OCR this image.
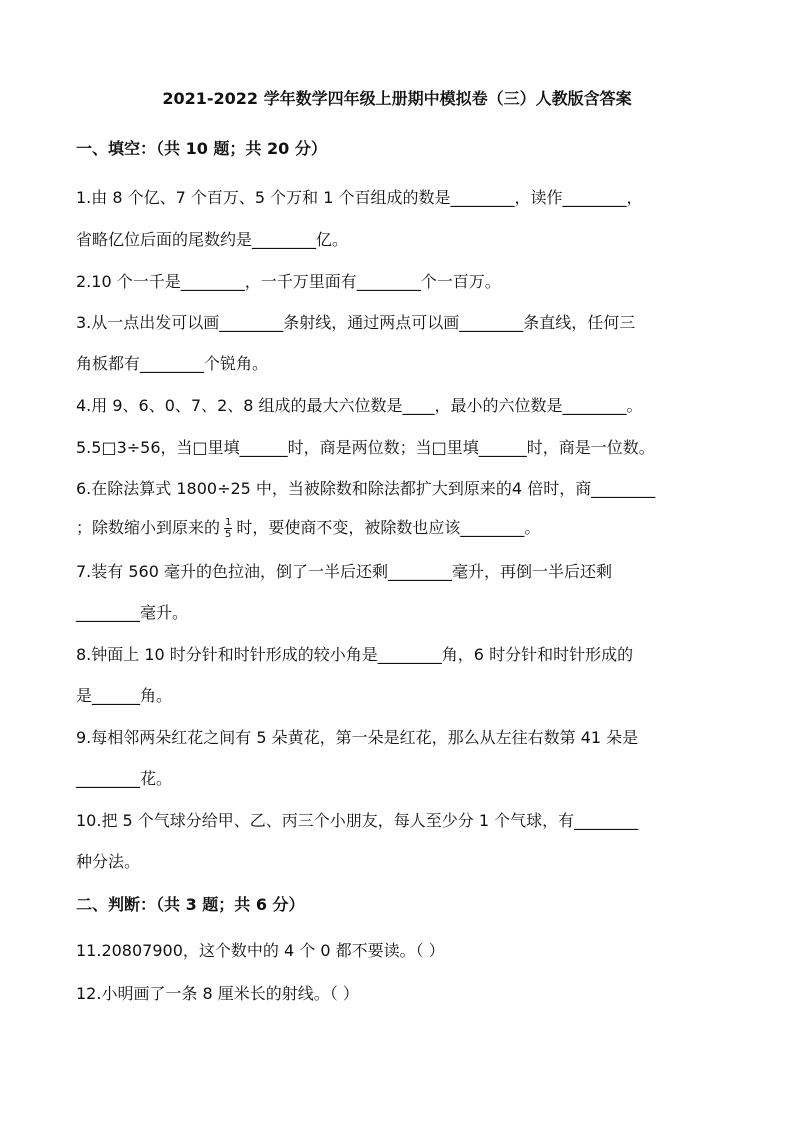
2021-2022 学年数学四年级上册期中模拟卷（三）人教版含答案
一、填空：（共 10 题；共 20 分）
1.由 8 个亿、7 个百万、5 个万和 1 个百组成的数是________，读作________，
省略亿位后面的尾数约是________亿。
2.10 个一千是________，一千万里面有________个一百万。
3.从一点出发可以画________条射线，通过两点可以画________条直线，任何三
角板都有________个锐角。
4.用 9、6、0、7、2、8 组成的最大六位数是____，最小的六位数是________。
5.5□3÷56，当□里填______时，商是两位数；当□里填______时，商是一位数。
6.在除法算式 1800÷25 中，当被除数和除法都扩大到原来的4 倍时，商________
；除数缩小到原来的 $\frac{1}{5}$ 时，要使商不变，被除数也应该________。
7.装有 560 毫升的色拉油，倒了一半后还剩________毫升，再倒一半后还剩
________毫升。
8.钟面上 10 时分针和时针形成的较小角是________角，6 时分针和时针形成的
是______角。
9.每相邻两朵红花之间有 5 朵黄花，第一朵是红花，那么从左往右数第 41 朵是
________花。
10.把 5 个气球分给甲、乙、丙三个小朋友，每人至少分 1 个气球，有________
种分法。
二、判断：（共 3 题；共 6 分）
11.20807900，这个数中的 4 个 0 都不要读。（ ）
12.小明画了一条 8 厘米长的射线。（ ）
